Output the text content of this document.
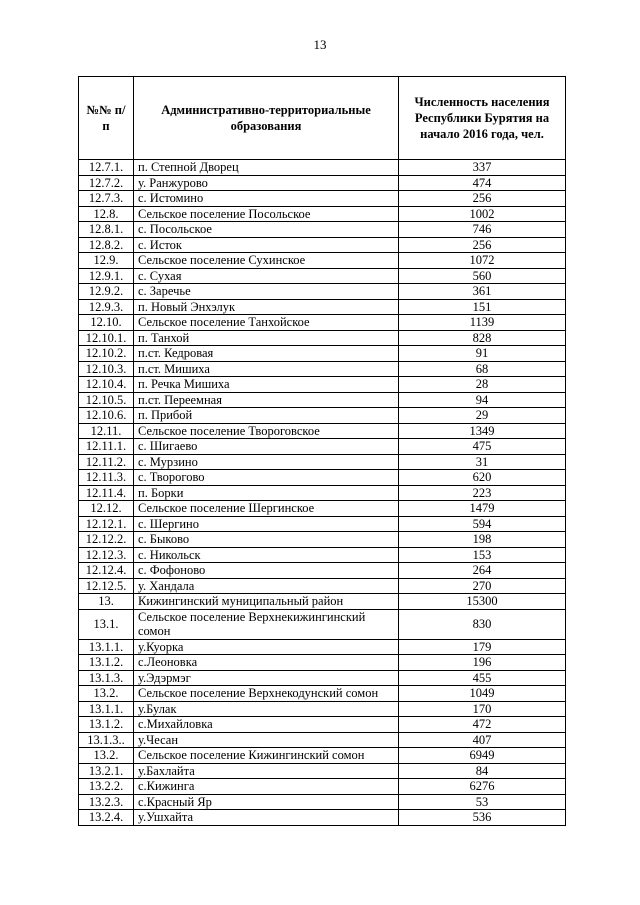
13
№№ п/п	Административно-территориальные образования	Численность населения Республики Бурятия на начало 2016 года, чел.
12.7.1.	п. Степной Дворец	337
12.7.2.	у. Ранжурово	474
12.7.3.	с. Истомино	256
12.8.	Сельское поселение Посольское	1002
12.8.1.	с. Посольское	746
12.8.2.	с. Исток	256
12.9.	Сельское поселение Сухинское	1072
12.9.1.	с. Сухая	560
12.9.2.	с. Заречье	361
12.9.3.	п. Новый Энхэлук	151
12.10.	Сельское поселение Танхойское	1139
12.10.1.	п. Танхой	828
12.10.2.	п.ст. Кедровая	91
12.10.3.	п.ст. Мишиха	68
12.10.4.	п. Речка Мишиха	28
12.10.5.	п.ст. Переемная	94
12.10.6.	п. Прибой	29
12.11.	Сельское поселение Твороговское	1349
12.11.1.	с. Шигаево	475
12.11.2.	с. Мурзино	31
12.11.3.	с. Творогово	620
12.11.4.	п. Борки	223
12.12.	Сельское поселение Шергинское	1479
12.12.1.	с. Шергино	594
12.12.2.	с. Быково	198
12.12.3.	с. Никольск	153
12.12.4.	с. Фофоново	264
12.12.5.	у. Хандала	270
13.	Кижингинский муниципальный район	15300
13.1.	Сельское поселение Верхнекижингинский сомон	830
13.1.1.	у.Куорка	179
13.1.2.	с.Леоновка	196
13.1.3.	у.Эдэрмэг	455
13.2.	Сельское поселение Верхнекодунский сомон	1049
13.1.1.	у.Булак	170
13.1.2.	с.Михайловка	472
13.1.3..	у.Чесан	407
13.2.	Сельское поселение Кижингинский сомон	6949
13.2.1.	у.Бахлайта	84
13.2.2.	с.Кижинга	6276
13.2.3.	с.Красный Яр	53
13.2.4.	у.Ушхайта	536
